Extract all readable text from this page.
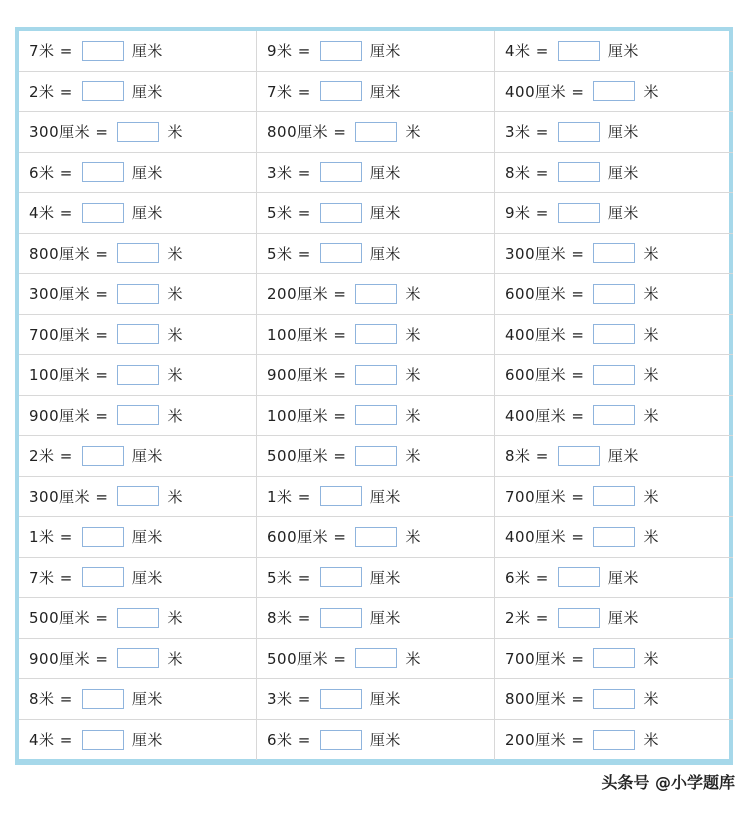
7米 =	厘米	9米 =	厘米	4米 =	厘米
2米 =	厘米	7米 =	厘米	400厘米 =	米
300厘米 =	米	800厘米 =	米	3米 =	厘米
6米 =	厘米	3米 =	厘米	8米 =	厘米
4米 =	厘米	5米 =	厘米	9米 =	厘米
800厘米 =	米	5米 =	厘米	300厘米 =	米
300厘米 =	米	200厘米 =	米	600厘米 =	米
700厘米 =	米	100厘米 =	米	400厘米 =	米
100厘米 =	米	900厘米 =	米	600厘米 =	米
900厘米 =	米	100厘米 =	米	400厘米 =	米
2米 =	厘米	500厘米 =	米	8米 =	厘米
300厘米 =	米	1米 =	厘米	700厘米 =	米
1米 =	厘米	600厘米 =	米	400厘米 =	米
7米 =	厘米	5米 =	厘米	6米 =	厘米
500厘米 =	米	8米 =	厘米	2米 =	厘米
900厘米 =	米	500厘米 =	米	700厘米 =	米
8米 =	厘米	3米 =	厘米	800厘米 =	米
4米 =	厘米	6米 =	厘米	200厘米 =	米
头条号 @小学题库
